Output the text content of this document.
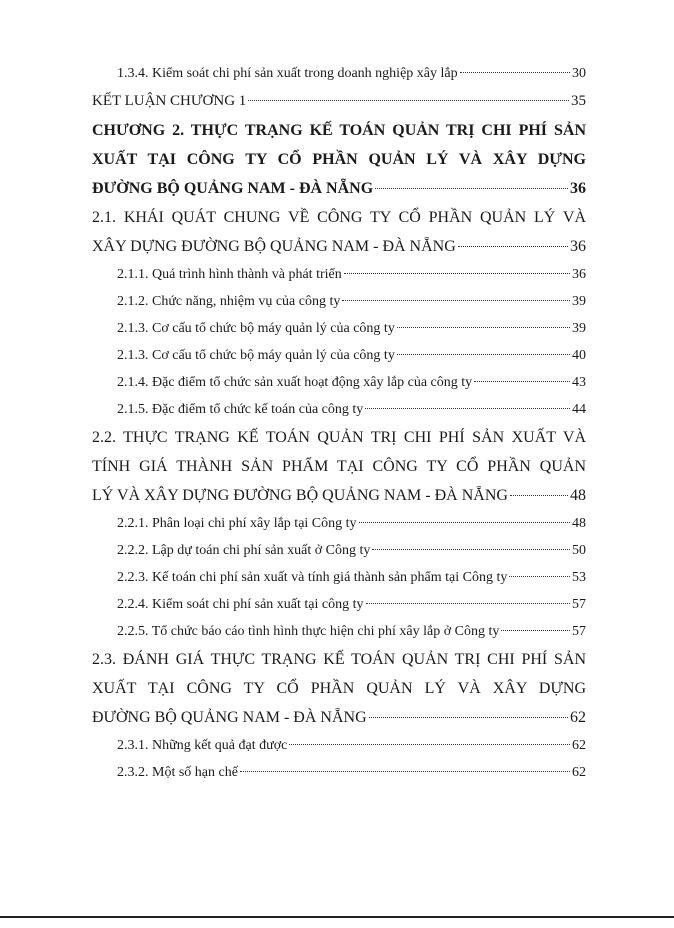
1.3.4. Kiểm soát chi phí sản xuất trong doanh nghiệp xây lắp	30
KẾT LUẬN CHƯƠNG 1	35
CHƯƠNG 2. THỰC TRẠNG KẾ TOÁN QUẢN TRỊ CHI PHÍ SẢN
XUẤT TẠI CÔNG TY CỔ PHẦN QUẢN LÝ VÀ XÂY DỰNG
ĐƯỜNG BỘ QUẢNG NAM - ĐÀ NẴNG	36
2.1. KHÁI QUÁT CHUNG VỀ CÔNG TY CỔ PHẦN QUẢN LÝ VÀ
XÂY DỰNG ĐƯỜNG BỘ QUẢNG NAM - ĐÀ NẴNG	36
2.1.1. Quá trình hình thành và phát triển	36
2.1.2. Chức năng, nhiệm vụ của công ty	39
2.1.3. Cơ cấu tổ chức bộ máy quản lý của công ty	39
2.1.3. Cơ cấu tổ chức bộ máy quản lý của công ty	40
2.1.4. Đặc điểm tổ chức sản xuất hoạt động xây lắp của công ty	43
2.1.5. Đặc điểm tổ chức kế toán của công ty	44
2.2. THỰC TRẠNG KẾ TOÁN QUẢN TRỊ CHI PHÍ SẢN XUẤT VÀ
TÍNH GIÁ THÀNH SẢN PHẨM TẠI CÔNG TY CỔ PHẦN QUẢN
LÝ VÀ XÂY DỰNG ĐƯỜNG BỘ QUẢNG NAM - ĐÀ NẴNG	48
2.2.1. Phân loại chi phí xây lắp tại Công ty	48
2.2.2. Lập dự toán chi phí sản xuất ở Công ty	50
2.2.3. Kế toán chi phí sản xuất và tính giá thành sản phẩm tại Công ty	53
2.2.4. Kiểm soát chi phí sản xuất tại công ty	57
2.2.5. Tổ chức báo cáo tình hình thực hiện chi phí xây lắp ở Công ty	57
2.3. ĐÁNH GIÁ THỰC TRẠNG KẾ TOÁN QUẢN TRỊ CHI PHÍ SẢN
XUẤT TẠI CÔNG TY CỔ PHẦN QUẢN LÝ VÀ XÂY DỰNG
ĐƯỜNG BỘ QUẢNG NAM - ĐÀ NẴNG	62
2.3.1. Những kết quả đạt được	62
2.3.2. Một số hạn chế	62
